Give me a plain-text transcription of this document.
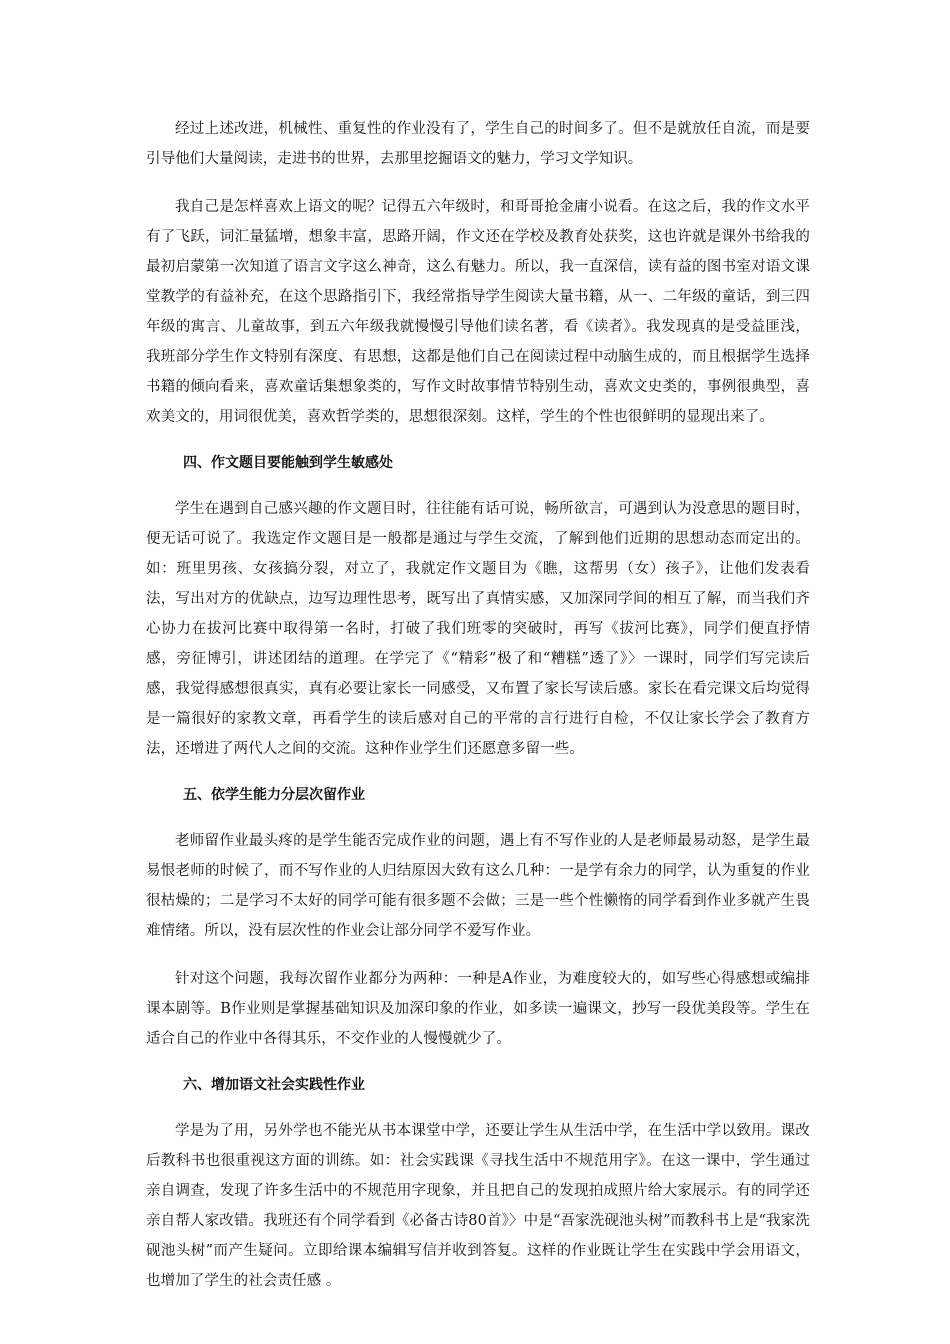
经过上述改进，机械性、重复性的作业没有了，学生自己的时间多了。但不是就放任自流，而是要引导他们大量阅读，走进书的世界，去那里挖掘语文的魅力，学习文学知识。

我自己是怎样喜欢上语文的呢？记得五六年级时，和哥哥抢金庸小说看。在这之后，我的作文水平有了飞跃，词汇量猛增，想象丰富，思路开阔，作文还在学校及教育处获奖，这也许就是课外书给我的最初启蒙第一次知道了语言文字这么神奇，这么有魅力。所以，我一直深信，读有益的图书室对语文课堂教学的有益补充，在这个思路指引下，我经常指导学生阅读大量书籍，从一、二年级的童话，到三四年级的寓言、儿童故事，到五六年级我就慢慢引导他们读名著，看《读者》。我发现真的是受益匪浅，我班部分学生作文特别有深度、有思想，这都是他们自己在阅读过程中动脑生成的，而且根据学生选择书籍的倾向看来，喜欢童话集想象类的，写作文时故事情节特别生动，喜欢文史类的，事例很典型，喜欢美文的，用词很优美，喜欢哲学类的，思想很深刻。这样，学生的个性也很鲜明的显现出来了。

四、作文题目要能触到学生敏感处

学生在遇到自己感兴趣的作文题目时，往往能有话可说，畅所欲言，可遇到认为没意思的题目时，便无话可说了。我选定作文题目是一般都是通过与学生交流，了解到他们近期的思想动态而定出的。如：班里男孩、女孩搞分裂，对立了，我就定作文题目为《瞧，这帮男（女）孩子》，让他们发表看法，写出对方的优缺点，边写边理性思考，既写出了真情实感，又加深同学间的相互了解，而当我们齐心协力在拔河比赛中取得第一名时，打破了我们班零的突破时，再写《拔河比赛》，同学们便直抒情感，旁征博引，讲述团结的道理。在学完了《“精彩”极了和“糟糕”透了》〉一课时，同学们写完读后感，我觉得感想很真实，真有必要让家长一同感受，又布置了家长写读后感。家长在看完课文后均觉得是一篇很好的家教文章，再看学生的读后感对自己的平常的言行进行自检，不仅让家长学会了教育方法，还增进了两代人之间的交流。这种作业学生们还愿意多留一些。

五、依学生能力分层次留作业

老师留作业最头疼的是学生能否完成作业的问题，遇上有不写作业的人是老师最易动怒，是学生最易恨老师的时候了，而不写作业的人归结原因大致有这么几种：一是学有余力的同学，认为重复的作业很枯燥的；二是学习不太好的同学可能有很多题不会做；三是一些个性懒惰的同学看到作业多就产生畏难情绪。所以，没有层次性的作业会让部分同学不爱写作业。

针对这个问题，我每次留作业都分为两种：一种是A作业，为难度较大的，如写些心得感想或编排课本剧等。B作业则是掌握基础知识及加深印象的作业，如多读一遍课文，抄写一段优美段等。学生在适合自己的作业中各得其乐，不交作业的人慢慢就少了。

六、增加语文社会实践性作业

学是为了用，另外学也不能光从书本课堂中学，还要让学生从生活中学，在生活中学以致用。课改后教科书也很重视这方面的训练。如：社会实践课《寻找生活中不规范用字》。在这一课中，学生通过亲自调查，发现了许多生活中的不规范用字现象，并且把自己的发现拍成照片给大家展示。有的同学还亲自帮人家改错。我班还有个同学看到《必备古诗80首》〉中是“吾家洗砚池头树”而教科书上是“我家洗砚池头树”而产生疑问。立即给课本编辑写信并收到答复。这样的作业既让学生在实践中学会用语文，也增加了学生的社会责任感 。
